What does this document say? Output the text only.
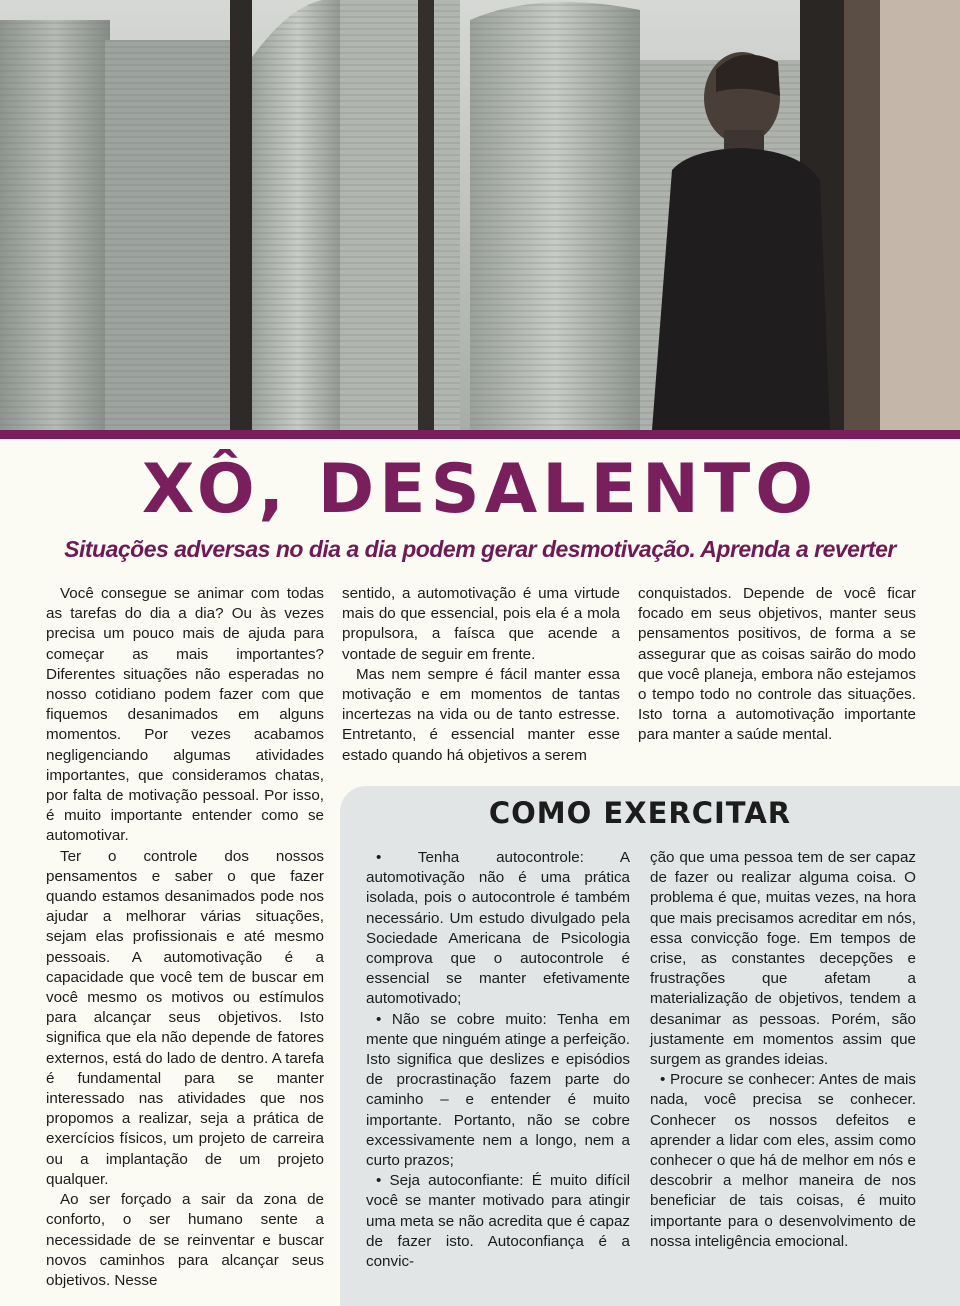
XÔ, DESALENTO
Situações adversas no dia a dia podem gerar desmotivação. Aprenda a reverter

Você consegue se animar com todas as tarefas do dia a dia? Ou às vezes precisa um pouco mais de ajuda para começar as mais importantes? Diferentes situações não esperadas no nosso cotidiano podem fazer com que fiquemos desanimados em alguns momentos. Por vezes acabamos negligenciando algumas atividades importantes, que consideramos chatas, por falta de motivação pessoal. Por isso, é muito importante entender como se automotivar.

Ter o controle dos nossos pensamentos e saber o que fazer quando estamos desanimados pode nos ajudar a melhorar várias situações, sejam elas profissionais e até mesmo pessoais. A automotivação é a capacidade que você tem de buscar em você mesmo os motivos ou estímulos para alcançar seus objetivos. Isto significa que ela não depende de fatores externos, está do lado de dentro. A tarefa é fundamental para se manter interessado nas atividades que nos propomos a realizar, seja a prática de exercícios físicos, um projeto de carreira ou a implantação de um projeto qualquer.

Ao ser forçado a sair da zona de conforto, o ser humano sente a necessidade de se reinventar e buscar novos caminhos para alcançar seus objetivos. Nesse

sentido, a automotivação é uma virtude mais do que essencial, pois ela é a mola propulsora, a faísca que acende a vontade de seguir em frente.

Mas nem sempre é fácil manter essa motivação e em momentos de tantas incertezas na vida ou de tanto estresse. Entretanto, é essencial manter esse estado quando há objetivos a serem

conquistados. Depende de você ficar focado em seus objetivos, manter seus pensamentos positivos, de forma a se assegurar que as coisas sairão do modo que você planeja, embora não estejamos o tempo todo no controle das situações. Isto torna a automotivação importante para manter a saúde mental.

COMO EXERCITAR

• Tenha autocontrole: A automotivação não é uma prática isolada, pois o autocontrole é também necessário. Um estudo divulgado pela Sociedade Americana de Psicologia comprova que o autocontrole é essencial se manter efetivamente automotivado;

• Não se cobre muito: Tenha em mente que ninguém atinge a perfeição. Isto significa que deslizes e episódios de procrastinação fazem parte do caminho – e entender é muito importante. Portanto, não se cobre excessivamente nem a longo, nem a curto prazos;

• Seja autoconfiante: É muito difícil você se manter motivado para atingir uma meta se não acredita que é capaz de fazer isto. Autoconfiança é a convic-

ção que uma pessoa tem de ser capaz de fazer ou realizar alguma coisa. O problema é que, muitas vezes, na hora que mais precisamos acreditar em nós, essa convicção foge. Em tempos de crise, as constantes decepções e frustrações que afetam a materialização de objetivos, tendem a desanimar as pessoas. Porém, são justamente em momentos assim que surgem as grandes ideias.

• Procure se conhecer: Antes de mais nada, você precisa se conhecer. Conhecer os nossos defeitos e aprender a lidar com eles, assim como conhecer o que há de melhor em nós e descobrir a melhor maneira de nos beneficiar de tais coisas, é muito importante para o desenvolvimento de nossa inteligência emocional.
